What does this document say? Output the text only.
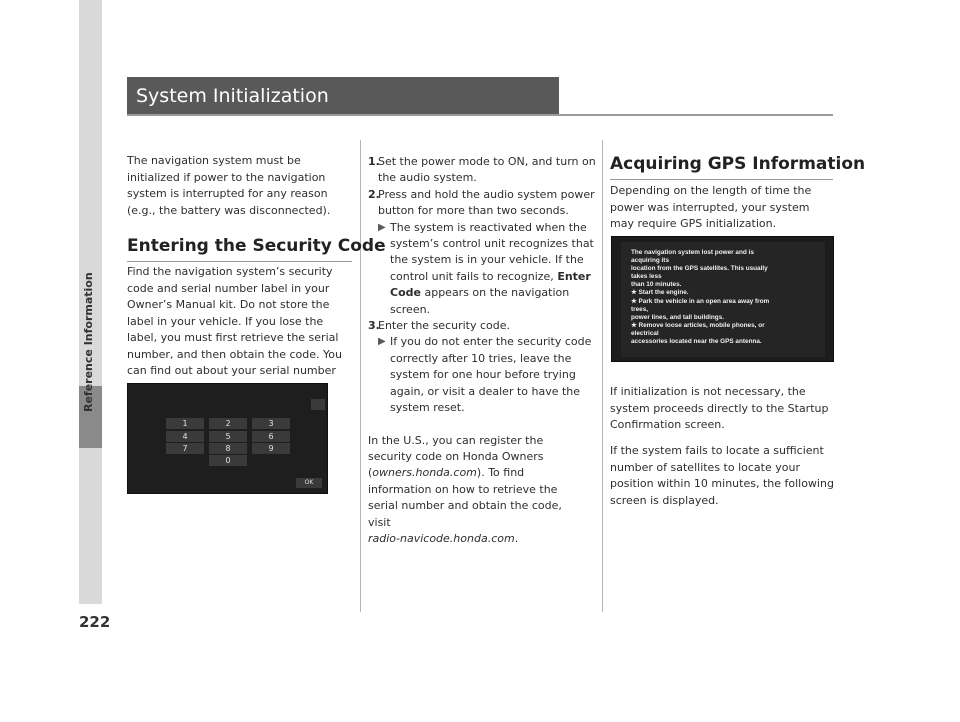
Reference Information
222
System Initialization

The navigation system must be initialized if power to the navigation system is interrupted for any reason (e.g., the battery was disconnected).

Entering the Security Code

Find the navigation system’s security code and serial number label in your Owner’s Manual kit. Do not store the label in your vehicle. If you lose the label, you must first retrieve the serial number, and then obtain the code. You can find out about your serial number

1	2	3
4	5	6
7	8	9
0
OK
1.
Set the power mode to ON, and turn on the audio system.
2.
Press and hold the audio system power button for more than two seconds.
▶ The system is reactivated when the system’s control unit recognizes that the system is in your vehicle. If the control unit fails to recognize, Enter Code appears on the navigation screen.
3.
Enter the security code.
▶ If you do not enter the security code correctly after 10 tries, leave the system for one hour before trying again, or visit a dealer to have the system reset.

In the U.S., you can register the security code on Honda Owners (owners.honda.com). To find information on how to retrieve the serial number and obtain the code, visit
radio-navicode.honda.com.

Acquiring GPS Information

Depending on the length of time the power was interrupted, your system may require GPS initialization.

The navigation system lost power and is
acquiring its
location from the GPS satellites. This usually
takes less
than 10 minutes.
★ Start the engine.
★ Park the vehicle in an open area away from
trees,
power lines, and tall buildings.
★ Remove loose articles, mobile phones, or
electrical
accessories located near the GPS antenna.

If initialization is not necessary, the system proceeds directly to the Startup Confirmation screen.

If the system fails to locate a sufficient number of satellites to locate your position within 10 minutes, the following screen is displayed.
